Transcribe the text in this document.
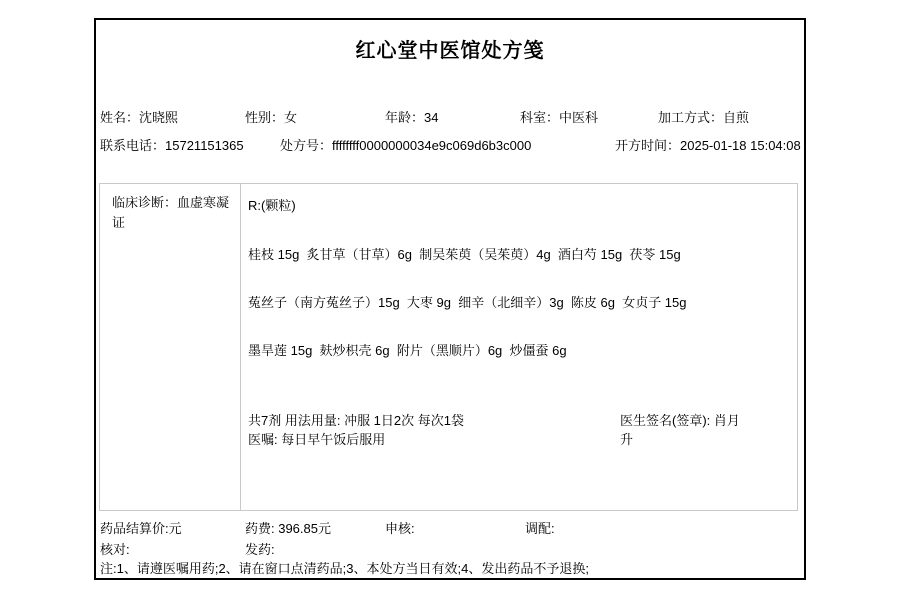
红心堂中医馆处方笺
姓名：沈晓熙	性别：女	年龄：34	科室：中医科	加工方式：自煎
联系电话：15721151365	处方号：ffffffff0000000034e9c069d6b3c000	开方时间：2025-01-18 15:04:08
临床诊断：血虚寒凝证
R:(颗粒)
桂枝 15g  炙甘草（甘草）6g  制吴茱萸（吴茱萸）4g  酒白芍 15g  茯苓 15g
菟丝子（南方菟丝子）15g  大枣 9g  细辛（北细辛）3g  陈皮 6g  女贞子 15g
墨旱莲 15g  麸炒枳壳 6g  附片（黑顺片）6g  炒僵蚕 6g
共7剂 用法用量: 冲服 1日2次 每次1袋
医嘱: 每日早午饭后服用
医生签名(签章): 肖月升
药品结算价:元	药费: 396.85元	申核:	调配:
核对:	发药:
注:1、请遵医嘱用药;2、请在窗口点清药品;3、本处方当日有效;4、发出药品不予退换;
